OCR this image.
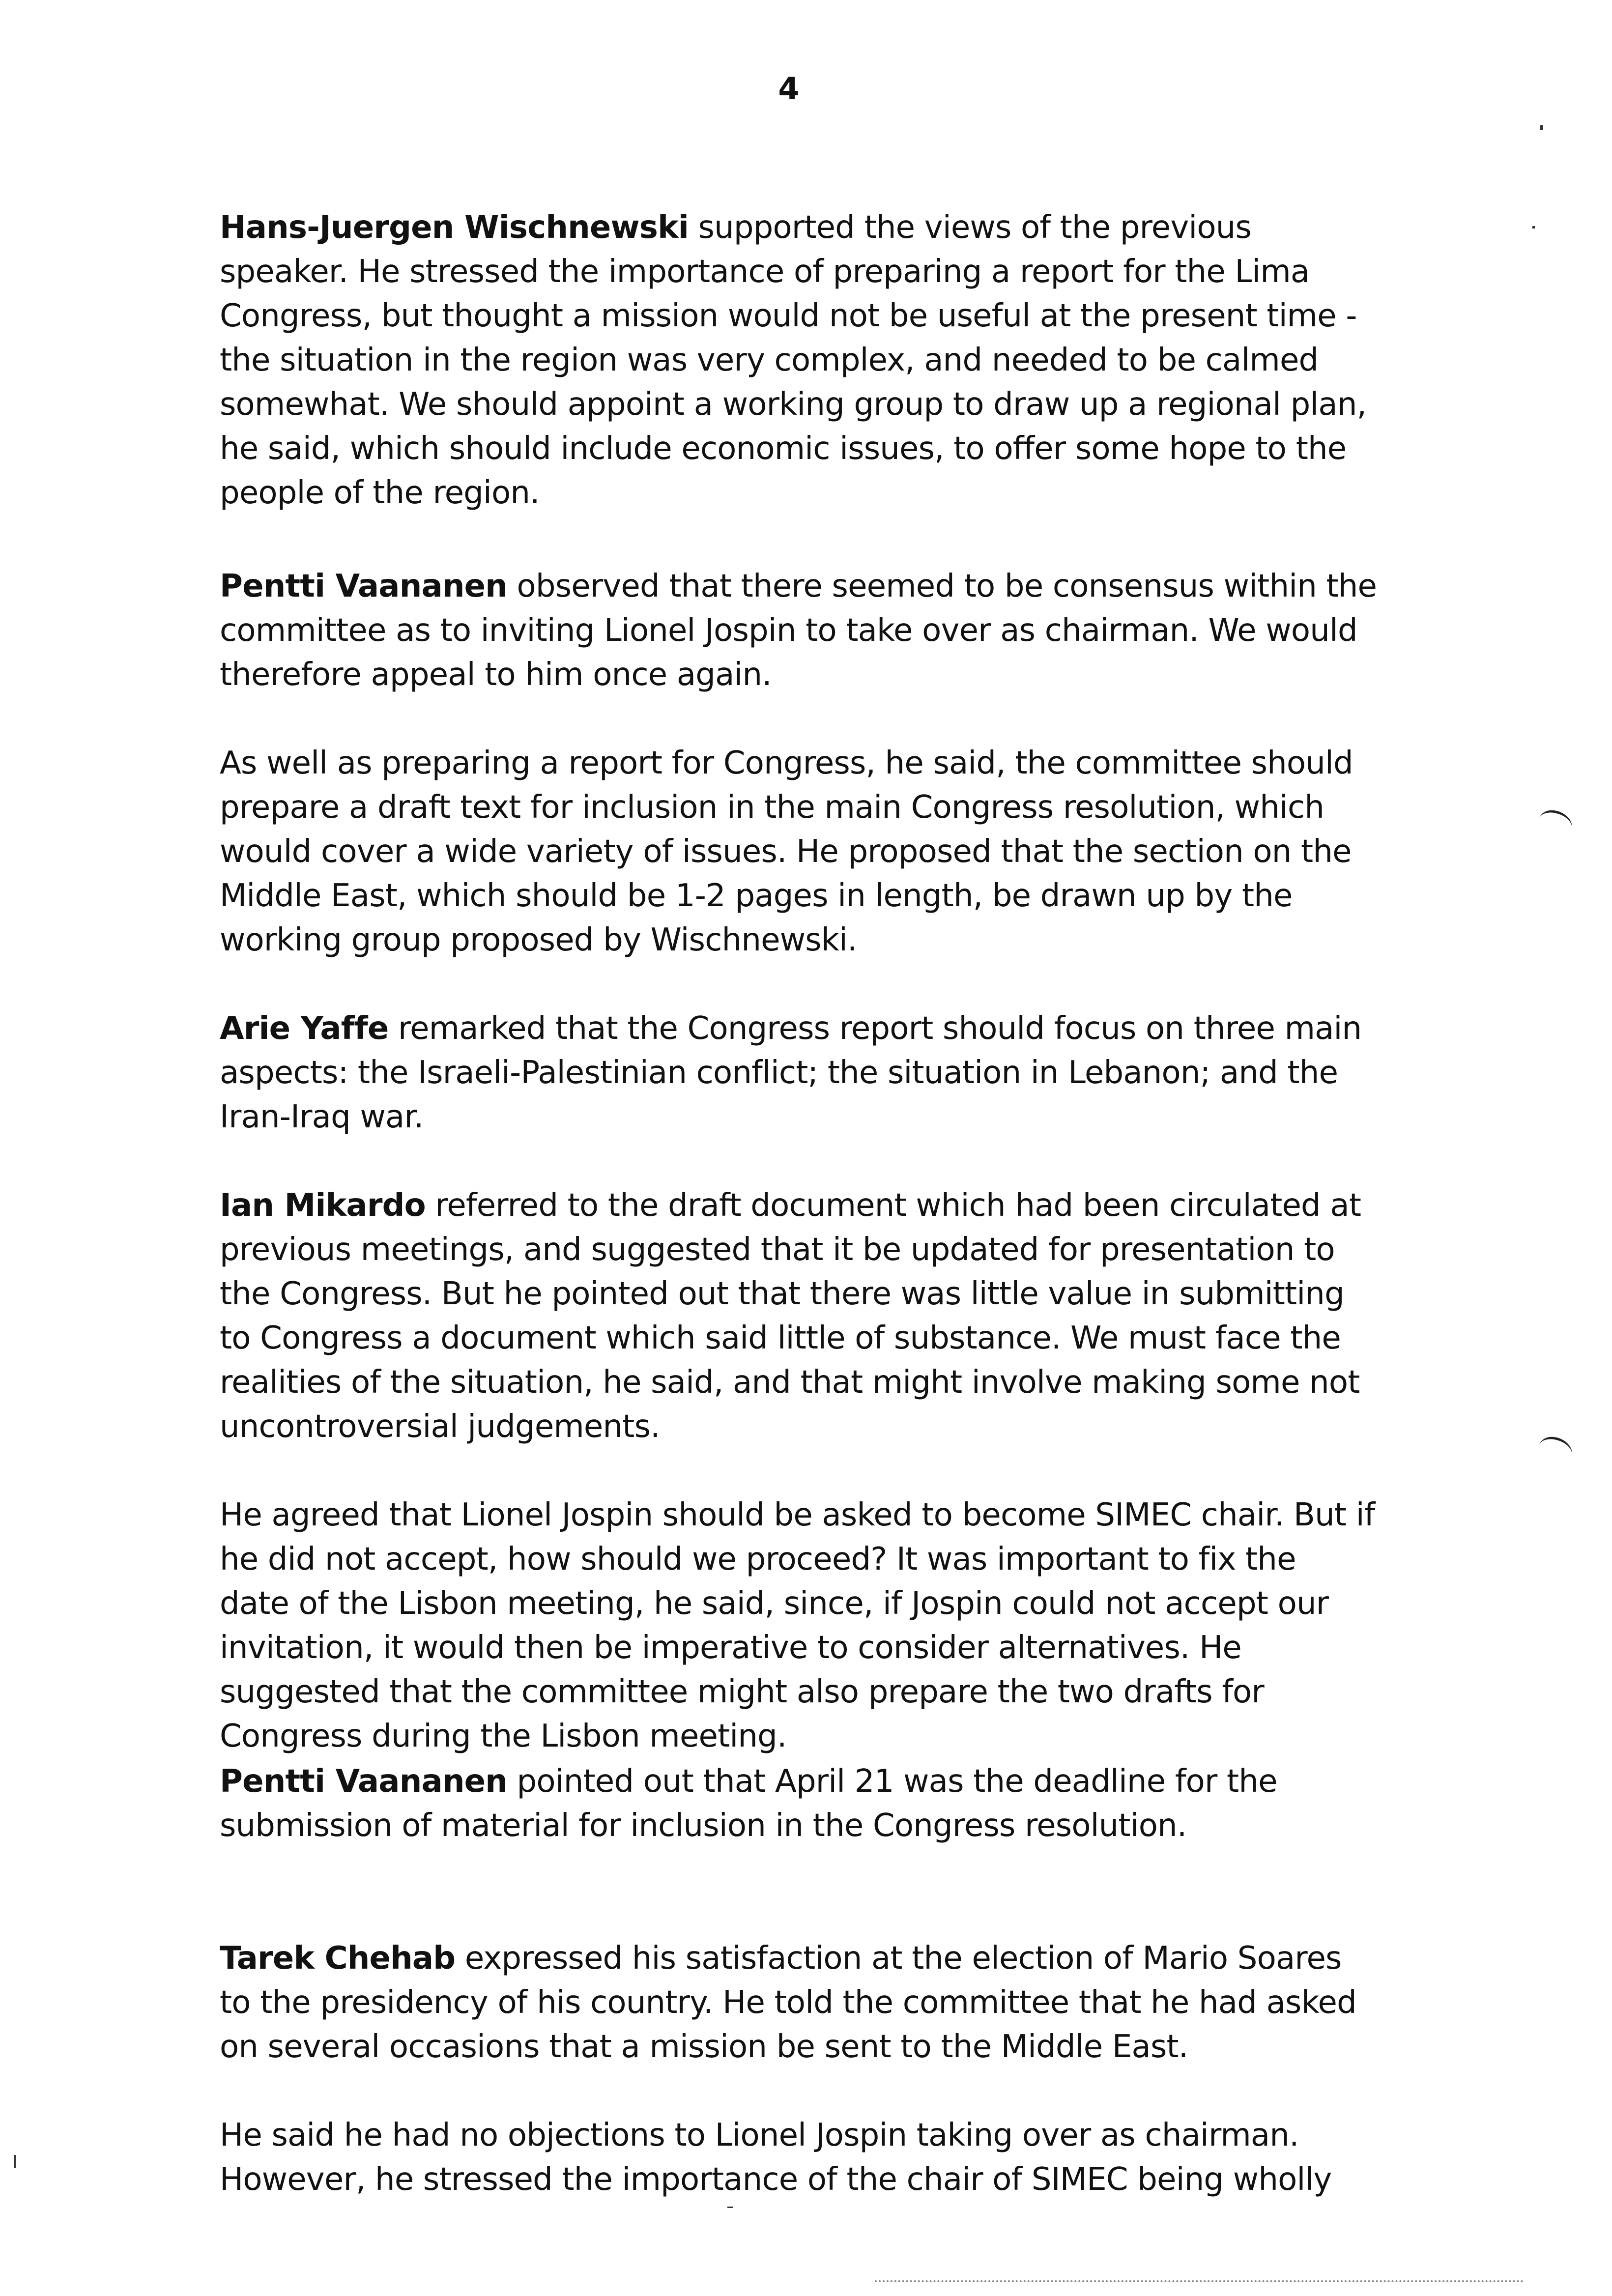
4

Hans-Juergen Wischnewski supported the views of the previous
speaker. He stressed the importance of preparing a report for the Lima
Congress, but thought a mission would not be useful at the present time -
the situation in the region was very complex, and needed to be calmed
somewhat. We should appoint a working group to draw up a regional plan,
he said, which should include economic issues, to offer some hope to the
people of the region.

Pentti Vaananen observed that there seemed to be consensus within the
committee as to inviting Lionel Jospin to take over as chairman. We would
therefore appeal to him once again.

As well as preparing a report for Congress, he said, the committee should
prepare a draft text for inclusion in the main Congress resolution, which
would cover a wide variety of issues. He proposed that the section on the
Middle East, which should be 1-2 pages in length, be drawn up by the
working group proposed by Wischnewski.

Arie Yaffe remarked that the Congress report should focus on three main
aspects: the Israeli-Palestinian conflict; the situation in Lebanon; and the
Iran-Iraq war.

Ian Mikardo referred to the draft document which had been circulated at
previous meetings, and suggested that it be updated for presentation to
the Congress. But he pointed out that there was little value in submitting
to Congress a document which said little of substance. We must face the
realities of the situation, he said, and that might involve making some not
uncontroversial judgements.

He agreed that Lionel Jospin should be asked to become SIMEC chair. But if
he did not accept, how should we proceed? It was important to fix the
date of the Lisbon meeting, he said, since, if Jospin could not accept our
invitation, it would then be imperative to consider alternatives. He
suggested that the committee might also prepare the two drafts for
Congress during the Lisbon meeting.

Pentti Vaananen pointed out that April 21 was the deadline for the
submission of material for inclusion in the Congress resolution.

Tarek Chehab expressed his satisfaction at the election of Mario Soares
to the presidency of his country. He told the committee that he had asked
on several occasions that a mission be sent to the Middle East.

He said he had no objections to Lionel Jospin taking over as chairman.
However, he stressed the importance of the chair of SIMEC being wholly
